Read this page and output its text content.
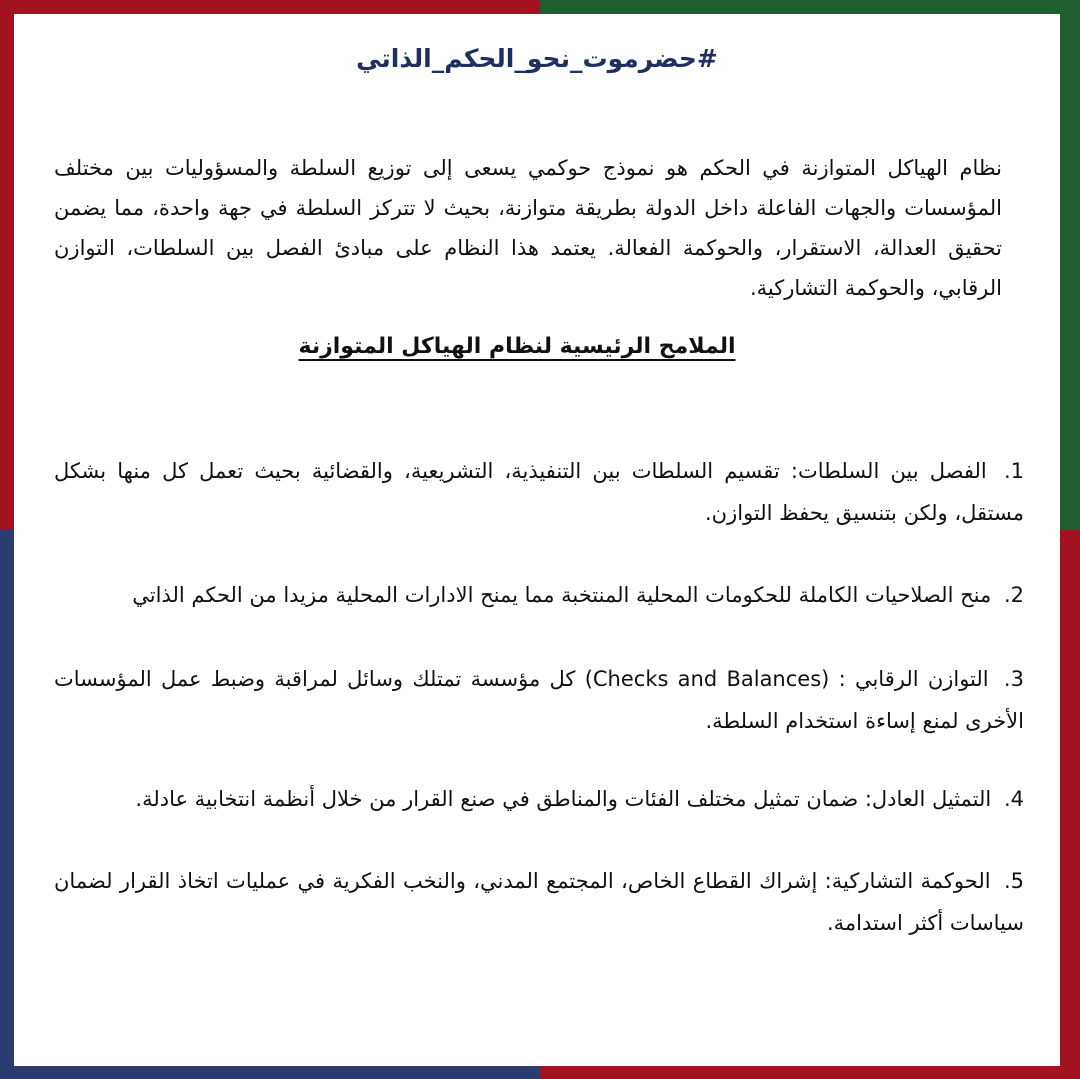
#حضرموت_نحو_الحكم_الذاتي
نظام الهياكل المتوازنة في الحكم هو نموذج حوكمي يسعى إلى توزيع السلطة والمسؤوليات بين مختلف المؤسسات والجهات الفاعلة داخل الدولة بطريقة متوازنة، بحيث لا تتركز السلطة في جهة واحدة، مما يضمن تحقيق العدالة، الاستقرار، والحوكمة الفعالة. يعتمد هذا النظام على مبادئ الفصل بين السلطات، التوازن الرقابي، والحوكمة التشاركية.
الملامح الرئيسية لنظام الهياكل المتوازنة
1. الفصل بين السلطات: تقسيم السلطات بين التنفيذية، التشريعية، والقضائية بحيث تعمل كل منها بشكل مستقل، ولكن بتنسيق يحفظ التوازن.
2. منح الصلاحيات الكاملة للحكومات المحلية المنتخبة مما يمنح الادارات المحلية مزيدا من الحكم الذاتي
3. التوازن الرقابي : (Checks and Balances) كل مؤسسة تمتلك وسائل لمراقبة وضبط عمل المؤسسات الأخرى لمنع إساءة استخدام السلطة.
4. التمثيل العادل: ضمان تمثيل مختلف الفئات والمناطق في صنع القرار من خلال أنظمة انتخابية عادلة.
5. الحوكمة التشاركية: إشراك القطاع الخاص، المجتمع المدني، والنخب الفكرية في عمليات اتخاذ القرار لضمان سياسات أكثر استدامة.
